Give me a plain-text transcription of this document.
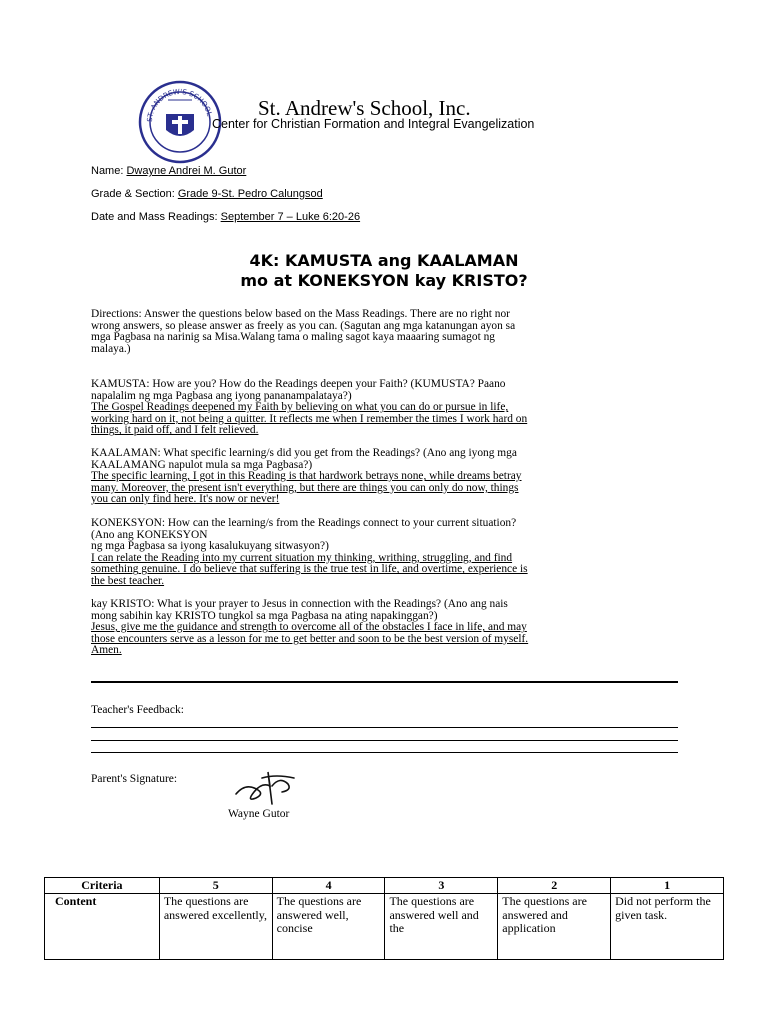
ST. ANDREW'S SCHOOL St. Andrew's School, Inc.
Center for Christian Formation and Integral Evangelization
Name: Dwayne Andrei M. Gutor
Grade & Section: Grade 9-St. Pedro Calungsod
Date and Mass Readings: September 7 – Luke 6:20-26
4K: KAMUSTA ang KAALAMAN
mo at KONEKSYON kay KRISTO?

Directions: Answer the questions below based on the Mass Readings. There are no right nor

wrong answers, so please answer as freely as you can. (Sagutan ang mga katanungan ayon sa

mga Pagbasa na narinig sa Misa.Walang tama o maling sagot kaya maaaring sumagot ng

malaya.)

KAMUSTA: How are you? How do the Readings deepen your Faith? (KUMUSTA? Paano

napalalim ng mga Pagbasa ang iyong pananampalataya?)

The Gospel Readings deepened my Faith by believing on what you can do or pursue in life,

working hard on it, not being a quitter. It reflects me when I remember the times I work hard on

things, it paid off, and I felt relieved.

KAALAMAN: What specific learning/s did you get from the Readings? (Ano ang iyong mga

KAALAMANG napulot mula sa mga Pagbasa?)

The specific learning, I got in this Reading is that hardwork betrays none, while dreams betray

many. Moreover, the present isn't everything, but there are things you can only do now, things

you can only find here. It's now or never!

KONEKSYON: How can the learning/s from the Readings connect to your current situation?

(Ano ang KONEKSYON

ng mga Pagbasa sa iyong kasalukuyang sitwasyon?)

I can relate the Reading into my current situation my thinking, writhing, struggling, and find

something genuine. I do believe that suffering is the true test in life, and overtime, experience is

the best teacher.

kay KRISTO: What is your prayer to Jesus in connection with the Readings? (Ano ang nais

mong sabihin kay KRISTO tungkol sa mga Pagbasa na ating napakinggan?)

Jesus, give me the guidance and strength to overcome all of the obstacles I face in life, and may

those encounters serve as a lesson for me to get better and soon to be the best version of myself.

Amen.

Teacher's Feedback:
Parent's Signature:
Wayne Gutor
Criteria	5	4	3	2	1
Content	The questions are answered excellently,	The questions are answered well, concise	The questions are answered well and the	The questions are answered and application	Did not perform the given task.
